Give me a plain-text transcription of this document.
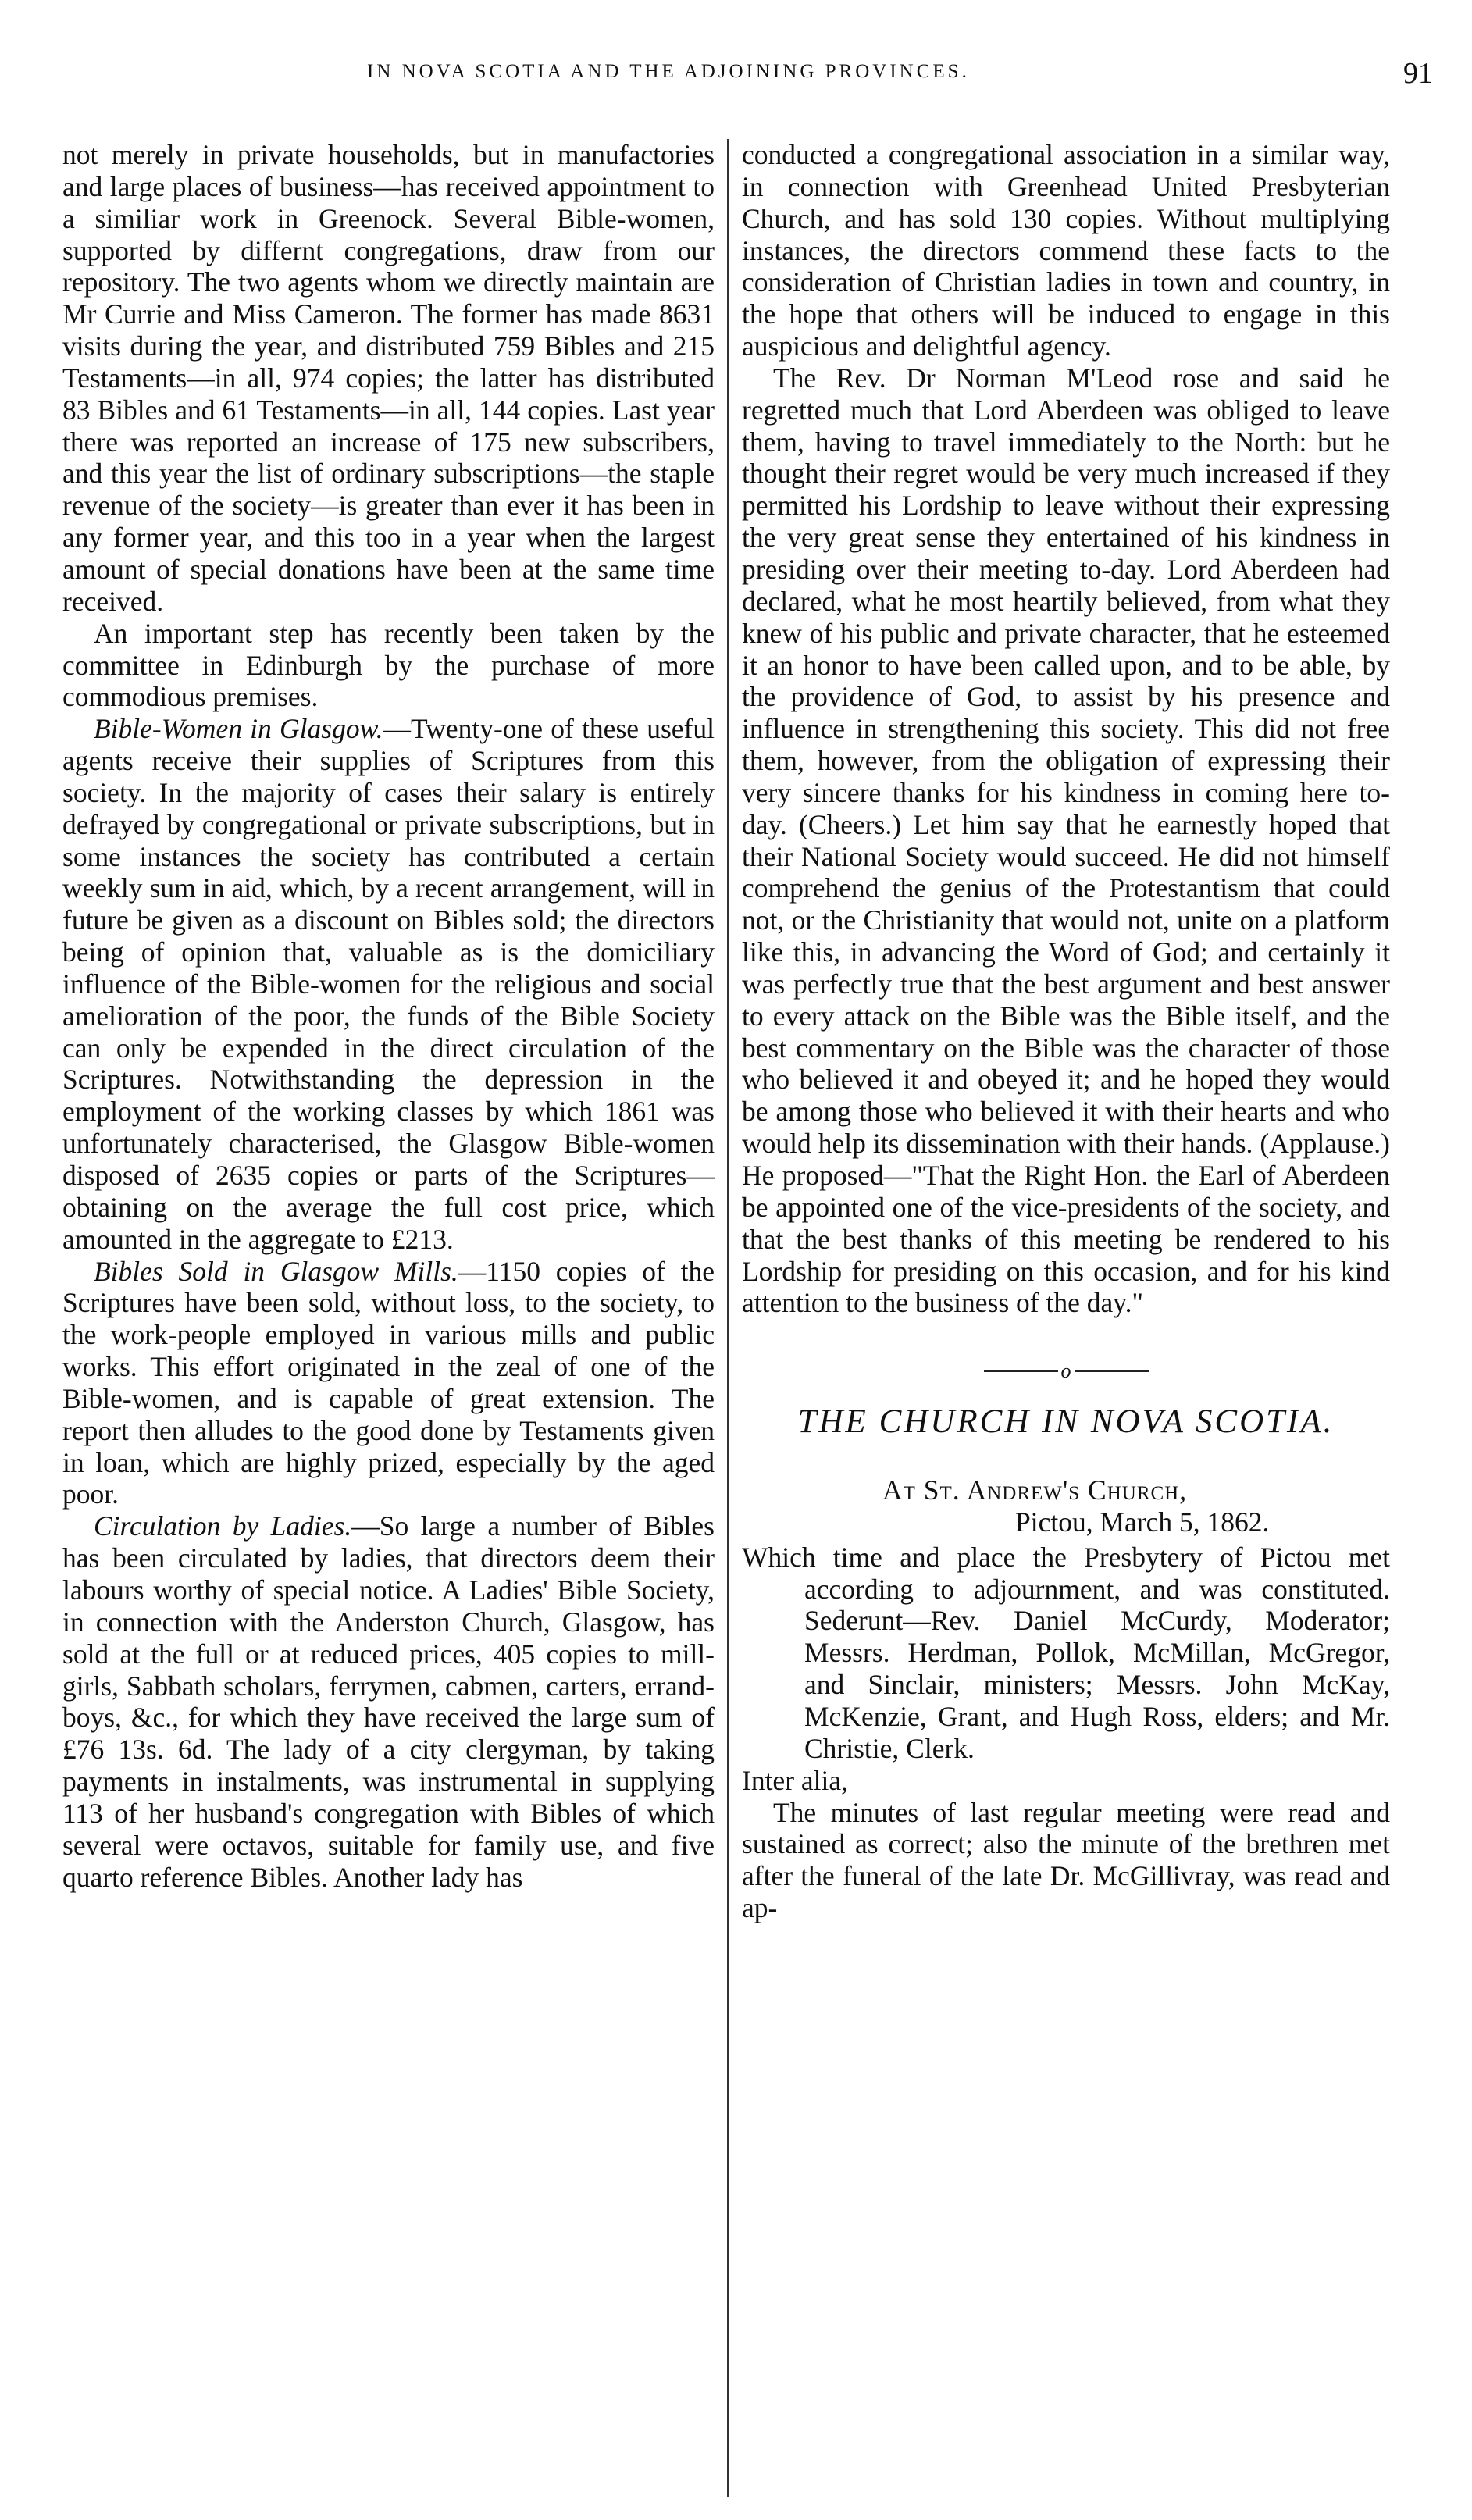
IN NOVA SCOTIA AND THE ADJOINING PROVINCES.	91

not merely in private households, but in manufactories and large places of business—has received appointment to a similiar work in Greenock. Several Bible-women, supported by differnt congregations, draw from our repository. The two agents whom we directly maintain are Mr Currie and Miss Cameron. The former has made 8631 visits during the year, and distributed 759 Bibles and 215 Testaments—in all, 974 copies; the latter has distributed 83 Bibles and 61 Testaments—in all, 144 copies. Last year there was reported an increase of 175 new subscribers, and this year the list of ordinary subscriptions—the staple revenue of the society—is greater than ever it has been in any former year, and this too in a year when the largest amount of special donations have been at the same time received.

An important step has recently been taken by the committee in Edinburgh by the purchase of more commodious premises.

Bible-Women in Glasgow.—Twenty-one of these useful agents receive their supplies of Scriptures from this society. In the majority of cases their salary is entirely defrayed by congregational or private subscriptions, but in some instances the society has contributed a certain weekly sum in aid, which, by a recent arrangement, will in future be given as a discount on Bibles sold; the directors being of opinion that, valuable as is the domiciliary influence of the Bible-women for the religious and social amelioration of the poor, the funds of the Bible Society can only be expended in the direct circulation of the Scriptures. Notwithstanding the depression in the employment of the working classes by which 1861 was unfortunately characterised, the Glasgow Bible-women disposed of 2635 copies or parts of the Scriptures—obtaining on the average the full cost price, which amounted in the aggregate to £213.

Bibles Sold in Glasgow Mills.—1150 copies of the Scriptures have been sold, without loss, to the society, to the work-people employed in various mills and public works. This effort originated in the zeal of one of the Bible-women, and is capable of great extension. The report then alludes to the good done by Testaments given in loan, which are highly prized, especially by the aged poor.

Circulation by Ladies.—So large a number of Bibles has been circulated by ladies, that directors deem their labours worthy of special notice. A Ladies' Bible Society, in connection with the Anderston Church, Glasgow, has sold at the full or at reduced prices, 405 copies to mill-girls, Sabbath scholars, ferrymen, cabmen, carters, errand-boys, &c., for which they have received the large sum of £76 13s. 6d. The lady of a city clergyman, by taking payments in instalments, was instrumental in supplying 113 of her husband's congregation with Bibles of which several were octavos, suitable for family use, and five quarto reference Bibles. Another lady has

conducted a congregational association in a similar way, in connection with Greenhead United Presbyterian Church, and has sold 130 copies. Without multiplying instances, the directors commend these facts to the consideration of Christian ladies in town and country, in the hope that others will be induced to engage in this auspicious and delightful agency.

The Rev. Dr Norman M'Leod rose and said he regretted much that Lord Aberdeen was obliged to leave them, having to travel immediately to the North: but he thought their regret would be very much increased if they permitted his Lordship to leave without their expressing the very great sense they entertained of his kindness in presiding over their meeting to-day. Lord Aberdeen had declared, what he most heartily believed, from what they knew of his public and private character, that he esteemed it an honor to have been called upon, and to be able, by the providence of God, to assist by his presence and influence in strengthening this society. This did not free them, however, from the obligation of expressing their very sincere thanks for his kindness in coming here to-day. (Cheers.) Let him say that he earnestly hoped that their National Society would succeed. He did not himself comprehend the genius of the Protestantism that could not, or the Christianity that would not, unite on a platform like this, in advancing the Word of God; and certainly it was perfectly true that the best argument and best answer to every attack on the Bible was the Bible itself, and the best commentary on the Bible was the character of those who believed it and obeyed it; and he hoped they would be among those who believed it with their hearts and who would help its dissemination with their hands. (Applause.) He proposed—"That the Right Hon. the Earl of Aberdeen be appointed one of the vice-presidents of the society, and that the best thanks of this meeting be rendered to his Lordship for presiding on this occasion, and for his kind attention to the business of the day."

o
THE CHURCH IN NOVA SCOTIA.
At St. Andrew's Church,
Pictou, March 5, 1862.

Which time and place the Presbytery of Pictou met according to adjournment, and was constituted. Sederunt—Rev. Daniel McCurdy, Moderator; Messrs. Herdman, Pollok, McMillan, McGregor, and Sinclair, ministers; Messrs. John McKay, McKenzie, Grant, and Hugh Ross, elders; and Mr. Christie, Clerk.

Inter alia,

The minutes of last regular meeting were read and sustained as correct; also the minute of the brethren met after the funeral of the late Dr. McGillivray, was read and ap-
